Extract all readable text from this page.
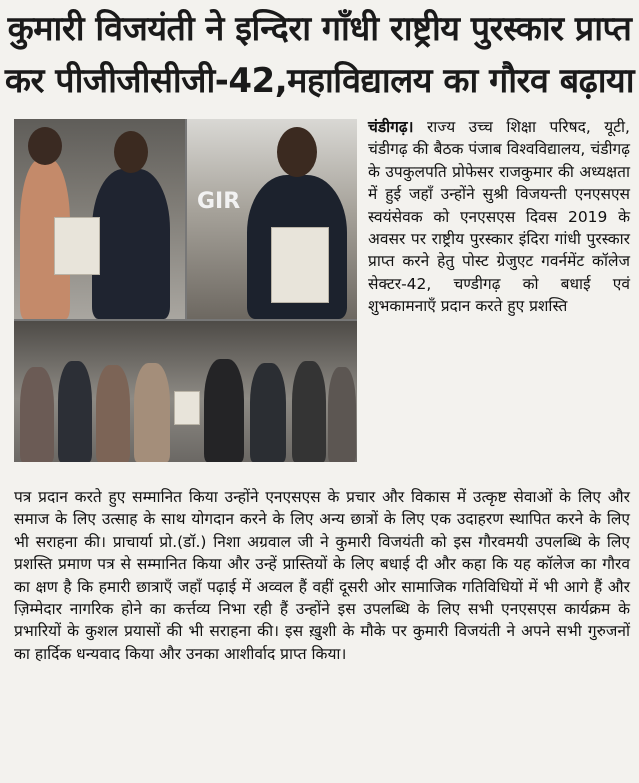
कुमारी विजयंती ने इन्दिरा गाँधी राष्ट्रीय पुरस्कार प्राप्त
कर पीजीजीसीजी-42,महाविद्यालय का गौरव बढ़ाया
GIR

चंडीगढ़। राज्य उच्च शिक्षा परिषद, यूटी, चंडीगढ़ की बैठक पंजाब विश्वविद्यालय, चंडीगढ़ के उपकुलपति प्रोफेसर राजकुमार की अध्यक्षता में हुई जहाँ उन्होंने सुश्री विजयन्ती एनएसएस स्वयंसेवक को एनएसएस दिवस 2019 के अवसर पर राष्ट्रीय पुरस्कार इंदिरा गांधी पुरस्कार प्राप्त करने हेतु पोस्ट ग्रेजुएट गवर्नमेंट कॉलेज सेक्टर-42, चण्डीगढ़ को बधाई एवं शुभकामनाएँ प्रदान करते हुए प्रशस्ति

पत्र प्रदान करते हुए सम्मानित किया उन्होंने एनएसएस के प्रचार और विकास में उत्कृष्ट सेवाओं के लिए और समाज के लिए उत्साह के साथ योगदान करने के लिए अन्य छात्रों के लिए एक उदाहरण स्थापित करने के लिए भी सराहना की। प्राचार्या प्रो.(डॉ.) निशा अग्रवाल जी ने कुमारी विजयंती को इस गौरवमयी उपलब्धि के लिए प्रशस्ति प्रमाण पत्र से सम्मानित किया और उन्हें प्रास्तियों के लिए बधाई दी और कहा कि यह कॉलेज का गौरव का क्षण है कि हमारी छात्राएँ जहाँ पढ़ाई में अव्वल हैं वहीं दूसरी ओर सामाजिक गतिविधियों में भी आगे हैं और ज़िम्मेदार नागरिक होने का कर्त्तव्य निभा रही हैं उन्होंने इस उपलब्धि के लिए सभी एनएसएस कार्यक्रम के प्रभारियों के कुशल प्रयासों की भी सराहना की। इस ख़ुशी के मौके पर कुमारी विजयंती ने अपने सभी गुरुजनों का हार्दिक धन्यवाद किया और उनका आशीर्वाद प्राप्त किया।
